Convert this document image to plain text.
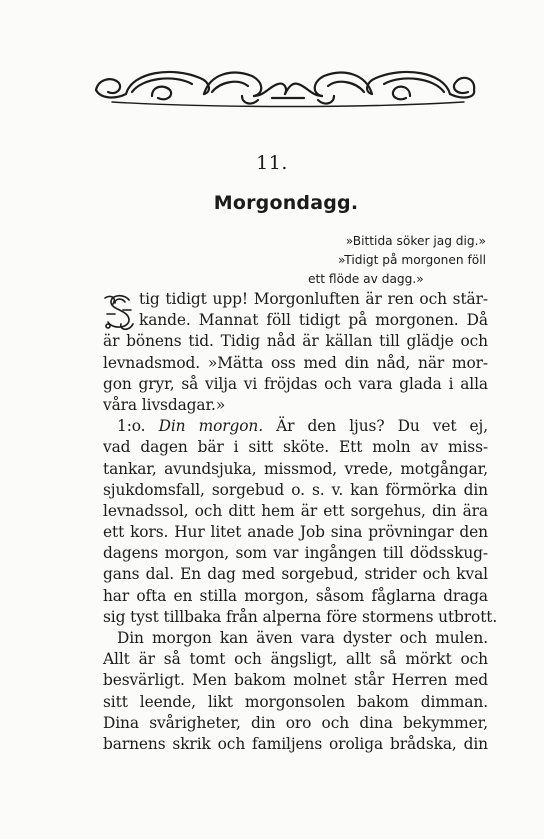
11.
Morgondagg.
»Bittida söker jag dig.»
»Tidigt på morgonen föll
ett flöde av dagg.»
tig tidigt upp! Morgonluften är ren och stär-
kande. Mannat föll tidigt på morgonen. Då
är bönens tid. Tidig nåd är källan till glädje och
levnadsmod. »Mätta oss med din nåd, när mor-
gon gryr, så vilja vi fröjdas och vara glada i alla
våra livsdagar.»
1:o. Din morgon. Är den ljus? Du vet ej,
vad dagen bär i sitt sköte. Ett moln av miss-
tankar, avundsjuka, missmod, vrede, motgångar,
sjukdomsfall, sorgebud o. s. v. kan förmörka din
levnadssol, och ditt hem är ett sorgehus, din ära
ett kors. Hur litet anade Job sina prövningar den
dagens morgon, som var ingången till dödsskug-
gans dal. En dag med sorgebud, strider och kval
har ofta en stilla morgon, såsom fåglarna draga
sig tyst tillbaka från alperna före stormens utbrott.
Din morgon kan även vara dyster och mulen.
Allt är så tomt och ängsligt, allt så mörkt och
besvärligt. Men bakom molnet står Herren med
sitt leende, likt morgonsolen bakom dimman.
Dina svårigheter, din oro och dina bekymmer,
barnens skrik och familjens oroliga brådska, din
